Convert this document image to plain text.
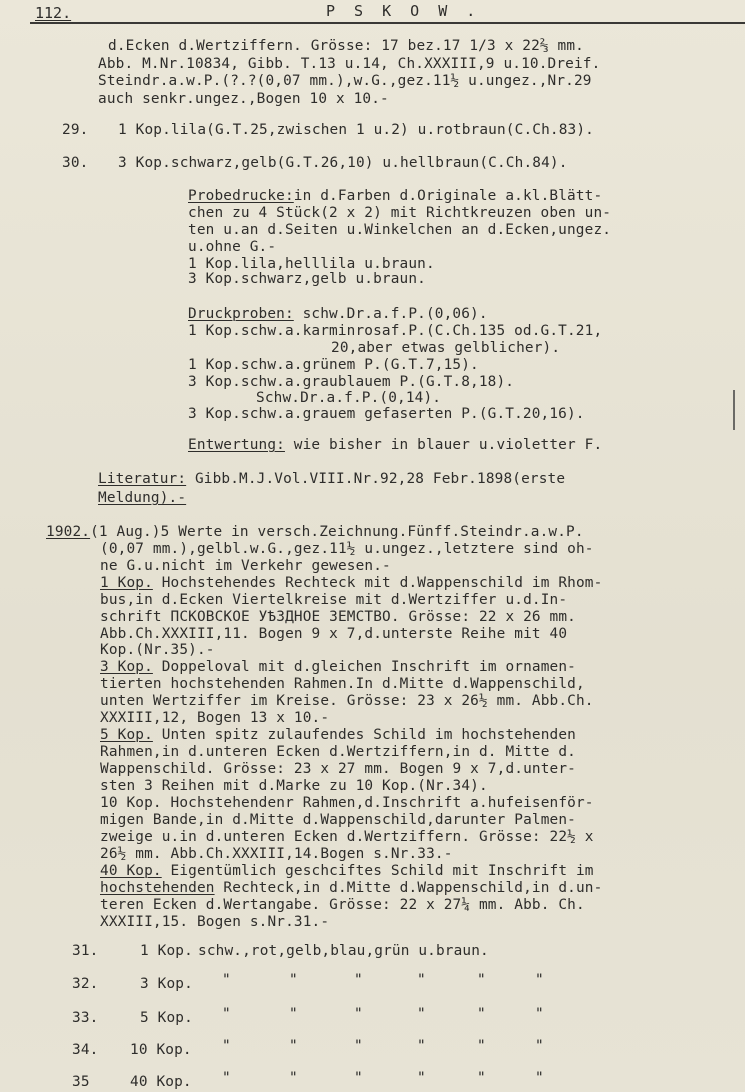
112.	P S K O W .
d.Ecken d.Wertziffern. Grösse: 17 bez.17 1/3 x 22⅔ mm.
Abb. M.Nr.10834, Gibb. T.13 u.14, Ch.XXXIII,9 u.10.Dreif.
Steindr.a.w.P.(?.?(0,07 mm.),w.G.,gez.11½ u.ungez.,Nr.29
auch senkr.ungez.,Bogen 10 x 10.-
29. 1 Kop.lila(G.T.25,zwischen 1 u.2) u.rotbraun(C.Ch.83).
30. 3 Kop.schwarz,gelb(G.T.26,10) u.hellbraun(C.Ch.84).
Probedrucke:in d.Farben d.Originale a.kl.Blätt-
chen zu 4 Stück(2 x 2) mit Richtkreuzen oben un-
ten u.an d.Seiten u.Winkelchen an d.Ecken,ungez.
u.ohne G.-
1 Kop.lila,helllila u.braun.
3 Kop.schwarz,gelb u.braun.
Druckproben: schw.Dr.a.f.P.(0,06).
1 Kop.schw.a.karminrosaf.P.(C.Ch.135 od.G.T.21,
20,aber etwas gelblicher).
1 Kop.schw.a.grünem P.(G.T.7,15).
3 Kop.schw.a.graublauem P.(G.T.8,18).
Schw.Dr.a.f.P.(0,14).
3 Kop.schw.a.grauem gefaserten P.(G.T.20,16).
Entwertung: wie bisher in blauer u.violetter F.
Literatur: Gibb.M.J.Vol.VIII.Nr.92,28 Febr.1898(erste
Meldung).-
1902.(1 Aug.)5 Werte in versch.Zeichnung.Fünff.Steindr.a.w.P.
(0,07 mm.),gelbl.w.G.,gez.11½ u.ungez.,letztere sind oh-
ne G.u.nicht im Verkehr gewesen.-
1 Kop. Hochstehendes Rechteck mit d.Wappenschild im Rhom-
bus,in d.Ecken Viertelkreise mit d.Wertziffer u.d.In-
schrift ПСКОВСКОЕ УѢЗДНОЕ ЗЕМСТВО. Grösse: 22 x 26 mm.
Abb.Ch.XXXIII,11. Bogen 9 x 7,d.unterste Reihe mit 40
Kop.(Nr.35).-
3 Kop. Doppeloval mit d.gleichen Inschrift im ornamen-
tierten hochstehenden Rahmen.In d.Mitte d.Wappenschild,
unten Wertziffer im Kreise. Grösse: 23 x 26½ mm. Abb.Ch.
XXXIII,12, Bogen 13 x 10.-
5 Kop. Unten spitz zulaufendes Schild im hochstehenden
Rahmen,in d.unteren Ecken d.Wertziffern,in d. Mitte d.
Wappenschild. Grösse: 23 x 27 mm. Bogen 9 x 7,d.unter-
sten 3 Reihen mit d.Marke zu 10 Kop.(Nr.34).
10 Kop. Hochstehendenr Rahmen,d.Inschrift a.hufeisenför-
migen Bande,in d.Mitte d.Wappenschild,darunter Palmen-
zweige u.in d.unteren Ecken d.Wertziffern. Grösse: 22½ x
26½ mm. Abb.Ch.XXXIII,14.Bogen s.Nr.33.-
40 Kop. Eigentümlich geschciftes Schild mit Inschrift im
hochstehenden Rechteck,in d.Mitte d.Wappenschild,in d.un-
teren Ecken d.Wertangabe. Grösse: 22 x 27¼ mm. Abb. Ch.
XXXIII,15. Bogen s.Nr.31.-
31.	1 Kop. schw.,rot,gelb,blau,grün u.braun.
32.	3 Kop. "	"	"	"	"	"
33.	5 Kop. "	"	"	"	"	"
34. 10 Kop. "	"	"	"	"	"
35	40 Kop. "	"	"	"	"	"
